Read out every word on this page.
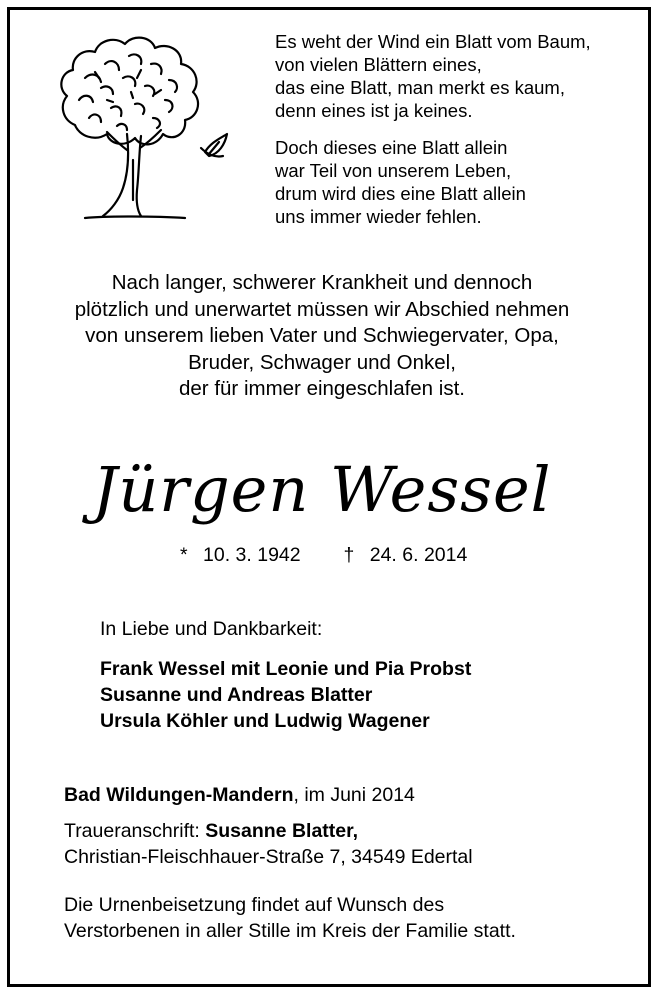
Es weht der Wind ein Blatt vom Baum,
von vielen Blättern eines,
das eine Blatt, man merkt es kaum,
denn eines ist ja keines.

Doch dieses eine Blatt allein
war Teil von unserem Leben,
drum wird dies eine Blatt allein
uns immer wieder fehlen.

Nach langer, schwerer Krankheit und dennoch
plötzlich und unerwartet müssen wir Abschied nehmen
von unserem lieben Vater und Schwiegervater, Opa,
Bruder, Schwager und Onkel,
der für immer eingeschlafen ist.
Jürgen Wessel
* 10. 3. 1942 † 24. 6. 2014
In Liebe und Dankbarkeit:
Frank Wessel mit Leonie und Pia Probst
Susanne und Andreas Blatter
Ursula Köhler und Ludwig Wagener
Bad Wildungen-Mandern, im Juni 2014
Traueranschrift: Susanne Blatter,
Christian-Fleischhauer-Straße 7, 34549 Edertal
Die Urnenbeisetzung findet auf Wunsch des
Verstorbenen in aller Stille im Kreis der Familie statt.
